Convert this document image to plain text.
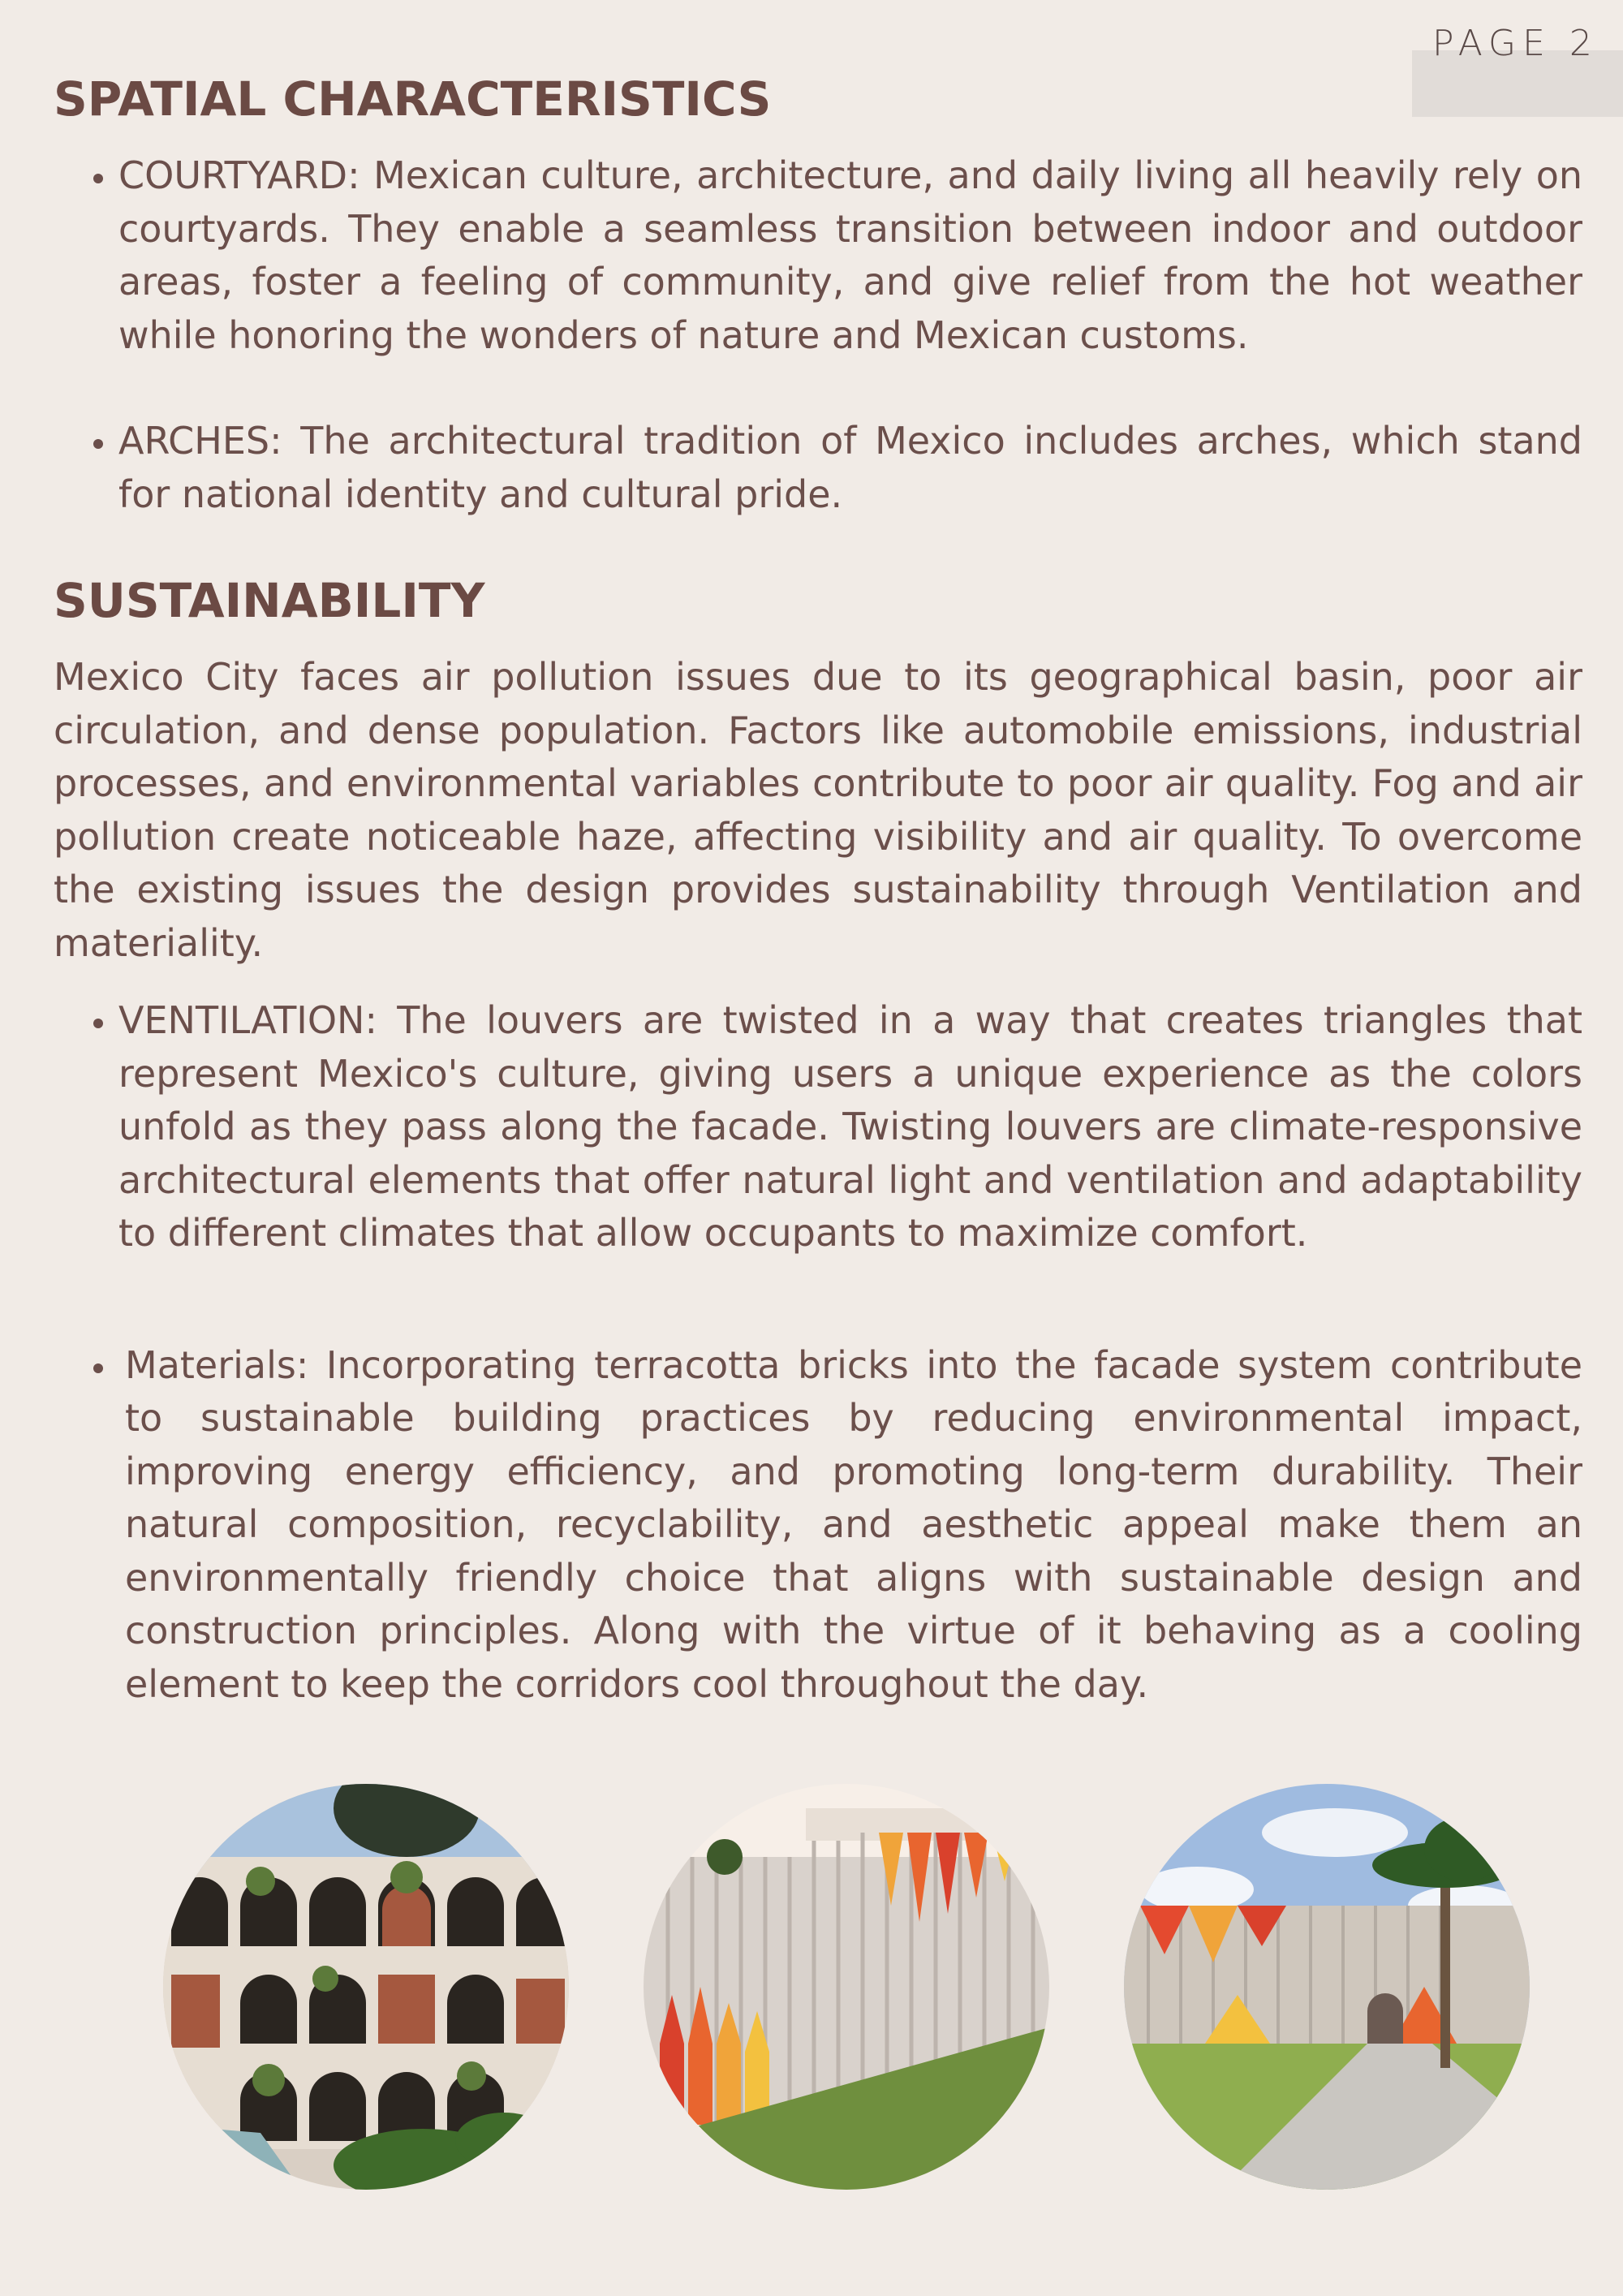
PAGE 2
SPATIAL CHARACTERISTICS
• COURTYARD: Mexican culture, architecture, and daily living all heavily rely on courtyards. They enable a seamless transition between indoor and outdoor areas, foster a feeling of community, and give relief from the hot weather while honoring the wonders of nature and Mexican customs.
• ARCHES: The architectural tradition of Mexico includes arches, which stand for national identity and cultural pride.
SUSTAINABILITY
Mexico City faces air pollution issues due to its geographical basin, poor air circulation, and dense population. Factors like automobile emissions, industrial processes, and environmental variables contribute to poor air quality. Fog and air pollution create noticeable haze, affecting visibility and air quality. To overcome the existing issues the design provides sustainability through Ventilation and materiality.
• VENTILATION: The louvers are twisted in a way that creates triangles that represent Mexico's culture, giving users a unique experience as the colors unfold as they pass along the facade. Twisting louvers are climate-responsive architectural elements that offer natural light and ventilation and adaptability to different climates that allow occupants to maximize comfort.
• Materials: Incorporating terracotta bricks into the facade system contribute to sustainable building practices by reducing environmental impact, improving energy efficiency, and promoting long-term durability. Their natural composition, recyclability, and aesthetic appeal make them an environmentally friendly choice that aligns with sustainable design and construction principles. Along with the virtue of it behaving as a cooling element to keep the corridors cool throughout the day.
